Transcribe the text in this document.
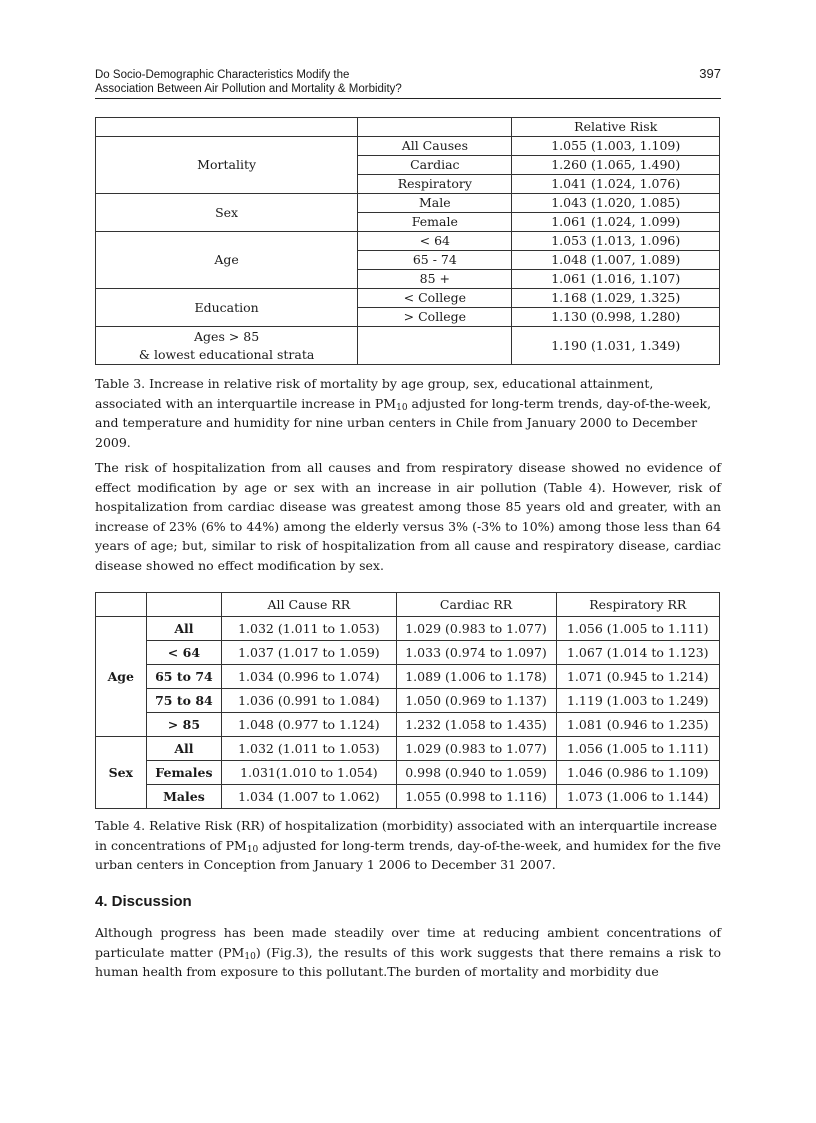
Do Socio-Demographic Characteristics Modify the
Association Between Air Pollution and Mortality & Morbidity?
397
		Relative Risk
Mortality	All Causes	1.055 (1.003, 1.109)
	Cardiac	1.260 (1.065, 1.490)
	Respiratory	1.041 (1.024, 1.076)
Sex	Male	1.043 (1.020, 1.085)
	Female	1.061 (1.024, 1.099)
Age	< 64	1.053 (1.013, 1.096)
	65 - 74	1.048 (1.007, 1.089)
	85 +	1.061 (1.016, 1.107)
Education	< College	1.168 (1.029, 1.325)
	> College	1.130 (0.998, 1.280)

Ages > 85
& lowest educational strata		1.190 (1.031, 1.349)
Table 3. Increase in relative risk of mortality by age group, sex, educational attainment, associated with an interquartile increase in $PM_{10}$ adjusted for long-term trends, day-of-the-week, and temperature and humidity for nine urban centers in Chile from January 2000 to December 2009.
The risk of hospitalization from all causes and from respiratory disease showed no evidence of effect modification by age or sex with an increase in air pollution (Table 4). However, risk of hospitalization from cardiac disease was greatest among those 85 years old and greater, with an increase of 23% (6% to 44%) among the elderly versus 3% (-3% to 10%) among those less than 64 years of age; but, similar to risk of hospitalization from all cause and respiratory disease, cardiac disease showed no effect modification by sex.
		All Cause RR	Cardiac RR	Respiratory RR
Age	All	1.032 (1.011 to 1.053)	1.029 (0.983 to 1.077)	1.056 (1.005 to 1.111)
	< 64	1.037 (1.017 to 1.059)	1.033 (0.974 to 1.097)	1.067 (1.014 to 1.123)
	65 to 74	1.034 (0.996 to 1.074)	1.089 (1.006 to 1.178)	1.071 (0.945 to 1.214)
	75 to 84	1.036 (0.991 to 1.084)	1.050 (0.969 to 1.137)	1.119 (1.003 to 1.249)
	> 85	1.048 (0.977 to 1.124)	1.232 (1.058 to 1.435)	1.081 (0.946 to 1.235)
Sex	All	1.032 (1.011 to 1.053)	1.029 (0.983 to 1.077)	1.056 (1.005 to 1.111)
	Females	1.031(1.010 to 1.054)	0.998 (0.940 to 1.059)	1.046 (0.986 to 1.109)
	Males	1.034 (1.007 to 1.062)	1.055 (0.998 to 1.116)	1.073 (1.006 to 1.144)
Table 4. Relative Risk (RR) of hospitalization (morbidity) associated with an interquartile increase in concentrations of $PM_{10}$ adjusted for long-term trends, day-of-the-week, and humidex for the five urban centers in Conception from January 1 2006 to December 31 2007.
4. Discussion
Although progress has been made steadily over time at reducing ambient concentrations of particulate matter $(PM_{10})$ (Fig.3), the results of this work suggests that there remains a risk to human health from exposure to this pollutant.The burden of mortality and morbidity due
